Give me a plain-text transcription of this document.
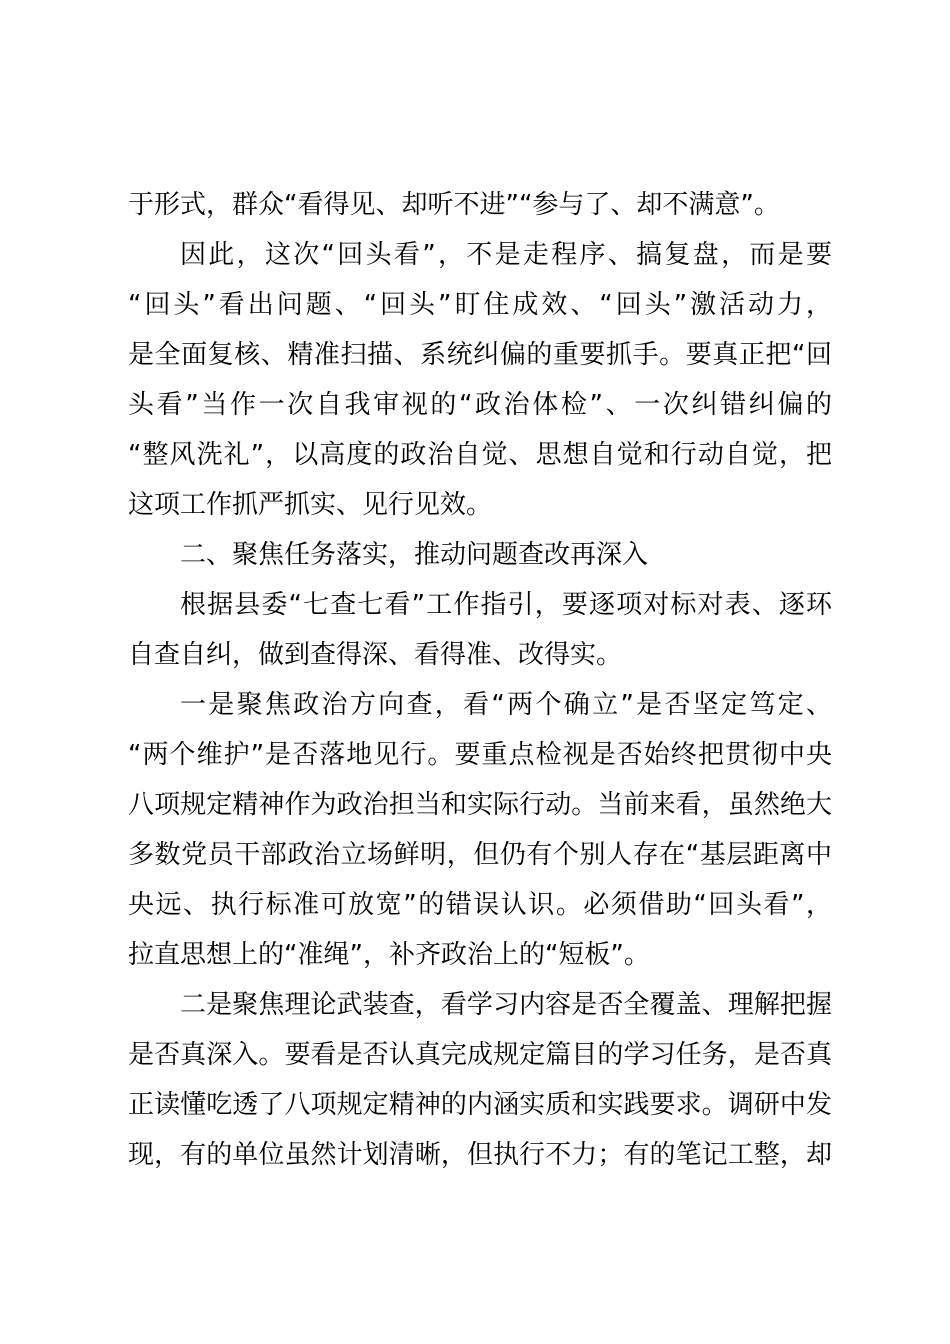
于形式，群众“看得见、却听不进”“参与了、却不满意”。
因此，这次“回头看”，不是走程序、搞复盘，而是要
“回头”看出问题、“回头”盯住成效、“回头”激活动力，
是全面复核、精准扫描、系统纠偏的重要抓手。要真正把“回
头看”当作一次自我审视的“政治体检”、一次纠错纠偏的
“整风洗礼”，以高度的政治自觉、思想自觉和行动自觉，把
这项工作抓严抓实、见行见效。
二、聚焦任务落实，推动问题查改再深入
根据县委“七查七看”工作指引，要逐项对标对表、逐环
自查自纠，做到查得深、看得准、改得实。
一是聚焦政治方向查，看“两个确立”是否坚定笃定、
“两个维护”是否落地见行。要重点检视是否始终把贯彻中央
八项规定精神作为政治担当和实际行动。当前来看，虽然绝大
多数党员干部政治立场鲜明，但仍有个别人存在“基层距离中
央远、执行标准可放宽”的错误认识。必须借助“回头看”，
拉直思想上的“准绳”，补齐政治上的“短板”。
二是聚焦理论武装查，看学习内容是否全覆盖、理解把握
是否真深入。要看是否认真完成规定篇目的学习任务，是否真
正读懂吃透了八项规定精神的内涵实质和实践要求。调研中发
现，有的单位虽然计划清晰，但执行不力；有的笔记工整，却
